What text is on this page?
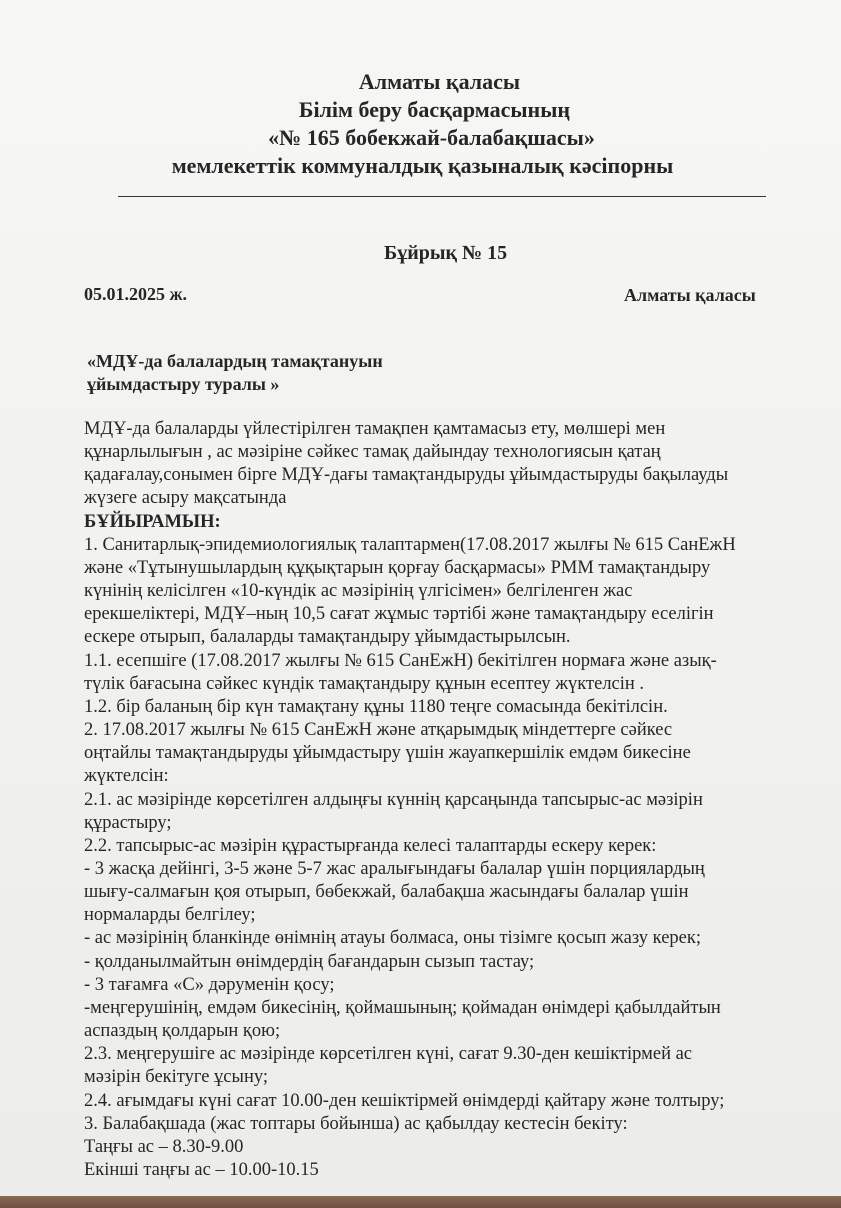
Алматы қаласы
Білім беру басқармасының
«№ 165 бобекжай-балабақшасы»
мемлекеттік коммуналдық қазыналық кәсіпорны
Бұйрық № 15
05.01.2025 ж.	Алматы қаласы
«МДҰ-да балалардың тамақтануын
ұйымдастыру туралы »
МДҰ-да балаларды үйлестірілген тамақпен қамтамасыз ету, мөлшері мен
құнарлылығын , ас мәзіріне сәйкес тамақ дайындау технологиясын қатаң
қадағалау,сонымен бірге МДҰ-дағы тамақтандыруды ұйымдастыруды бақылауды
жүзеге асыру мақсатында
БҰЙЫРАМЫН:
1. Санитарлық-эпидемиологиялық талаптармен(17.08.2017 жылғы № 615 СанЕжН
және «Тұтынушылардың құқықтарын қорғау басқармасы» РММ тамақтандыру
күнінің келісілген «10-күндік ас мәзірінің үлгісімен» белгіленген жас
ерекшеліктері, МДҰ–ның 10,5 сағат жұмыс тәртібі және тамақтандыру еселігін
ескере отырып, балаларды тамақтандыру ұйымдастырылсын.
1.1. есепшіге (17.08.2017 жылғы № 615 СанЕжН) бекітілген нормаға және азық-
түлік бағасына сәйкес күндік тамақтандыру құнын есептеу жүктелсін .
1.2. бір баланың бір күн тамақтану құны 1180 теңге сомасында бекітілсін.
2. 17.08.2017 жылғы № 615 СанЕжН және атқарымдық міндеттерге сәйкес
оңтайлы тамақтандыруды ұйымдастыру үшін жауапкершілік емдәм бикесіне
жүктелсін:
2.1. ас мәзірінде көрсетілген алдыңғы күннің қарсаңында тапсырыс-ас мәзірін
құрастыру;
2.2. тапсырыс-ас мәзірін құрастырғанда келесі талаптарды ескеру керек:
- 3 жасқа дейінгі, 3-5 және 5-7 жас аралығындағы балалар үшін порциялардың
шығу-салмағын қоя отырып, бөбекжай, балабақша жасындағы балалар үшін
нормаларды белгілеу;
- ас мәзірінің бланкінде өнімнің атауы болмаса, оны тізімге қосып жазу керек;
- қолданылмайтын өнімдердің бағандарын сызып тастау;
- 3 тағамға «С» дәруменін қосу;
-меңгерушінің, емдәм бикесінің, қоймашының; қоймадан өнімдері қабылдайтын
аспаздың қолдарын қою;
2.3. меңгерушіге ас мәзірінде көрсетілген күні, сағат 9.30-ден кешіктірмей ас
мәзірін бекітуге ұсыну;
2.4. ағымдағы күні сағат 10.00-ден кешіктірмей өнімдерді қайтару және толтыру;
3. Балабақшада (жас топтары бойынша) ас қабылдау кестесін бекіту:
Таңғы ас – 8.30-9.00
Екінші таңғы ас – 10.00-10.15
